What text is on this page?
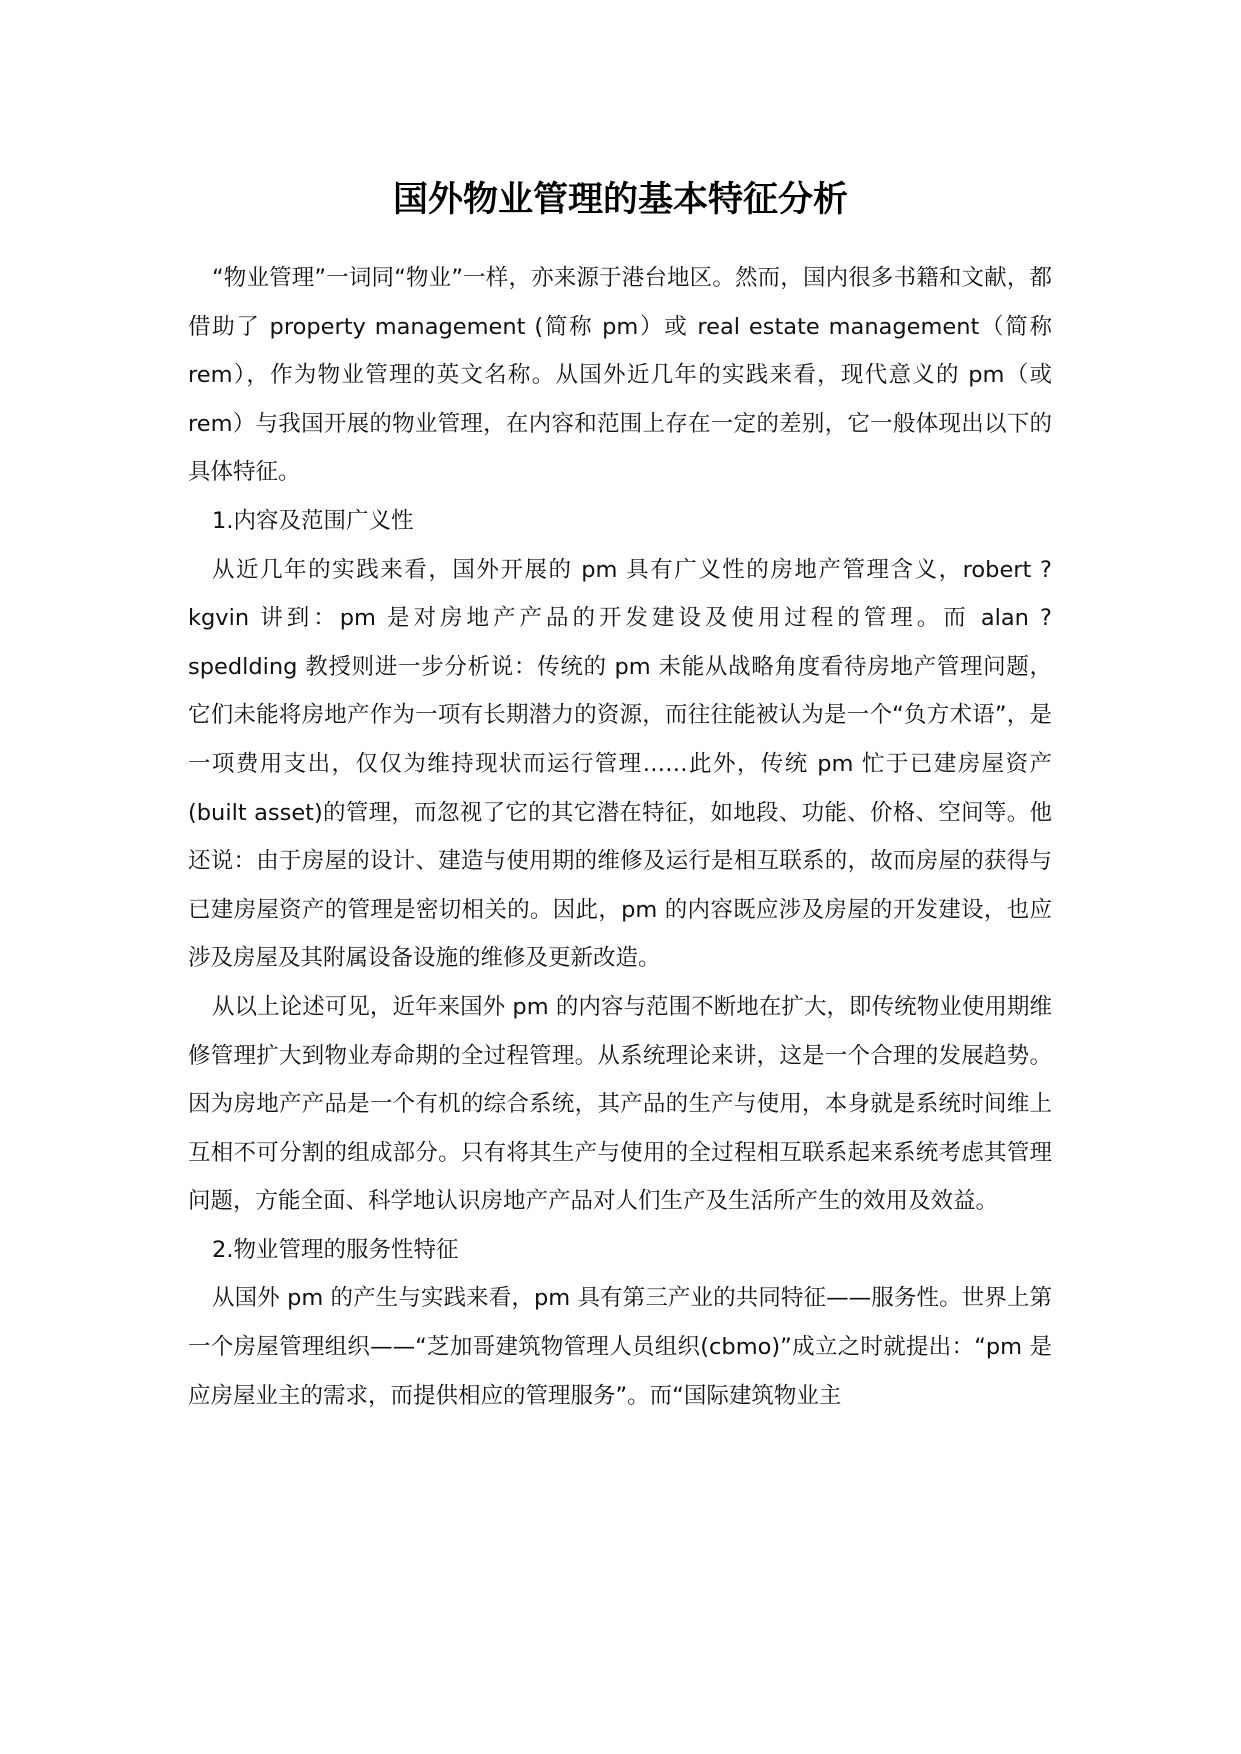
国外物业管理的基本特征分析

“物业管理”一词同“物业”一样，亦来源于港台地区。然而，国内很多书籍和文献，都借助了 property management (简称 pm）或 real estate management（简称 rem），作为物业管理的英文名称。从国外近几年的实践来看，现代意义的 pm（或 rem）与我国开展的物业管理，在内容和范围上存在一定的差别，它一般体现出以下的具体特征。

1.内容及范围广义性

从近几年的实践来看，国外开展的 pm 具有广义性的房地产管理含义，robert ? kgvin 讲到：pm 是对房地产产品的开发建设及使用过程的管理。而 alan ? spedlding 教授则进一步分析说：传统的 pm 未能从战略角度看待房地产管理问题，它们未能将房地产作为一项有长期潜力的资源，而往往能被认为是一个“负方术语”，是一项费用支出，仅仅为维持现状而运行管理……此外，传统 pm 忙于已建房屋资产(built asset)的管理，而忽视了它的其它潜在特征，如地段、功能、价格、空间等。他还说：由于房屋的设计、建造与使用期的维修及运行是相互联系的，故而房屋的获得与已建房屋资产的管理是密切相关的。因此，pm 的内容既应涉及房屋的开发建设，也应涉及房屋及其附属设备设施的维修及更新改造。

从以上论述可见，近年来国外 pm 的内容与范围不断地在扩大，即传统物业使用期维修管理扩大到物业寿命期的全过程管理。从系统理论来讲，这是一个合理的发展趋势。因为房地产产品是一个有机的综合系统，其产品的生产与使用，本身就是系统时间维上互相不可分割的组成部分。只有将其生产与使用的全过程相互联系起来系统考虑其管理问题，方能全面、科学地认识房地产产品对人们生产及生活所产生的效用及效益。

2.物业管理的服务性特征

从国外 pm 的产生与实践来看，pm 具有第三产业的共同特征——服务性。世界上第一个房屋管理组织——“芝加哥建筑物管理人员组织(cbmo)”成立之时就提出：“pm 是应房屋业主的需求，而提供相应的管理服务”。而“国际建筑物业主
